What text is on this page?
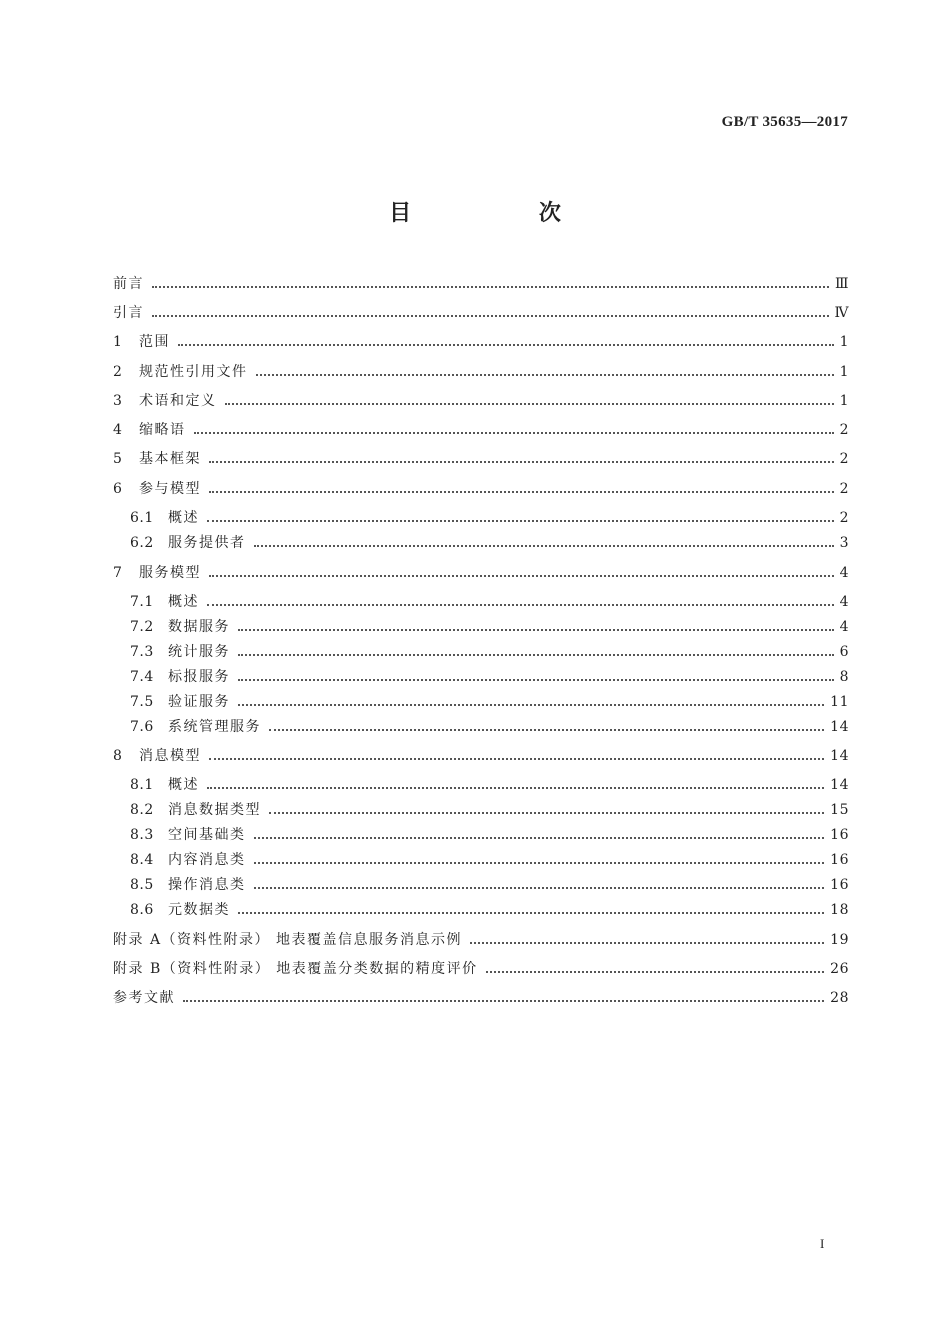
GB/T 35635—2017
目 次
前言	Ⅲ
引言	Ⅳ
1	范围	1
2	规范性引用文件	1
3	术语和定义	1
4	缩略语	2
5	基本框架	2
6	参与模型	2
6.1 概述	2
6.2 服务提供者	3
7	服务模型	4
7.1 概述	4
7.2 数据服务	4
7.3 统计服务	6
7.4 标报服务	8
7.5 验证服务	11
7.6 系统管理服务	14
8	消息模型	14
8.1 概述	14
8.2 消息数据类型	15
8.3 空间基础类	16
8.4 内容消息类	16
8.5 操作消息类	16
8.6 元数据类	18
附录 A（资料性附录） 地表覆盖信息服务消息示例	19
附录 B（资料性附录） 地表覆盖分类数据的精度评价	26
参考文献	28
I
